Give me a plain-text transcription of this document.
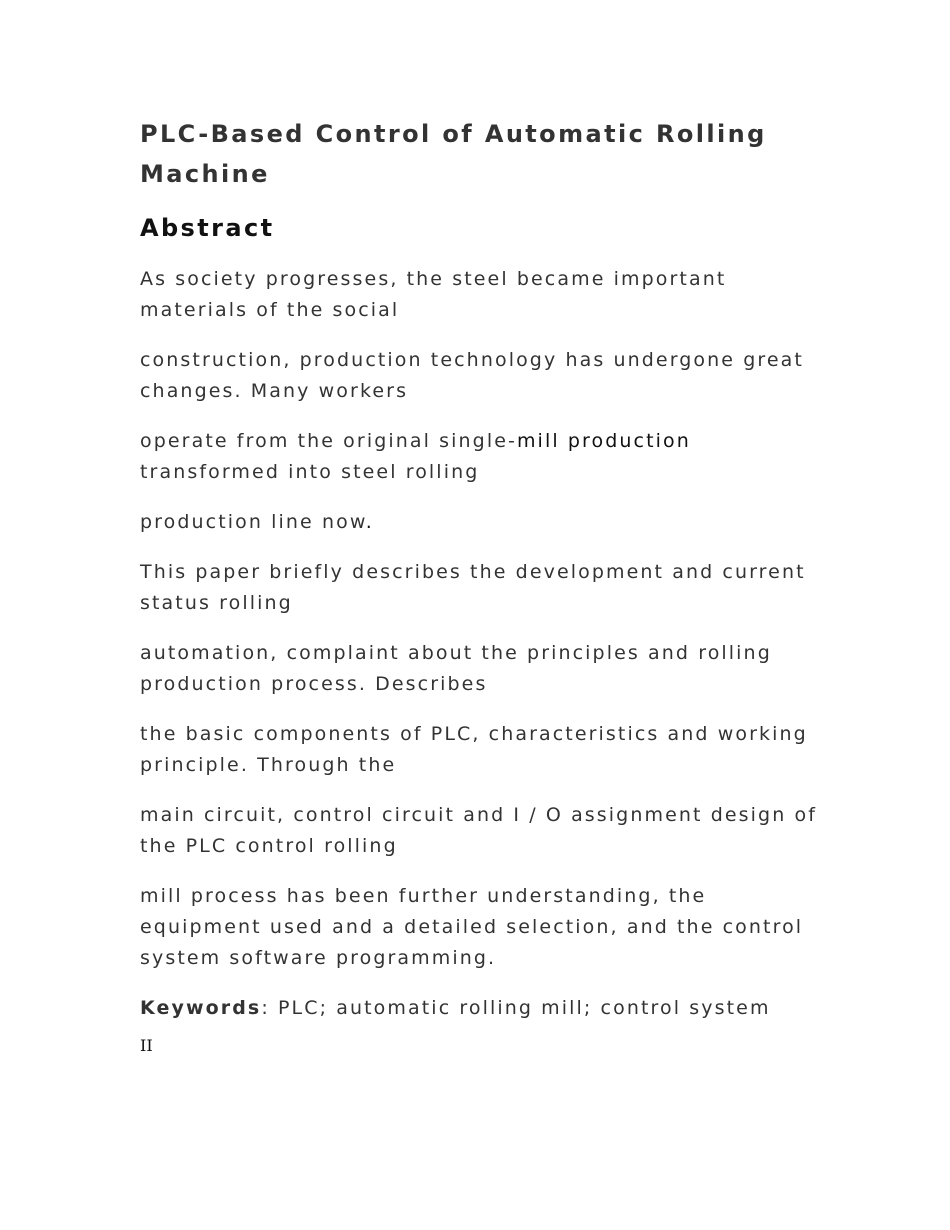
PLC-Based Control of Automatic Rolling Machine
Abstract

As society progresses, the steel became important materials of the social

construction, production technology has undergone great changes. Many workers

operate from the original single-mill production transformed into steel rolling

production line now.

This paper briefly describes the development and current status rolling

automation, complaint about the principles and rolling production process. Describes

the basic components of PLC, characteristics and working principle. Through the

main circuit, control circuit and I / O assignment design of the PLC control rolling

mill process has been further understanding, the equipment used and a detailed selection, and the control system software programming.

Keywords: PLC; automatic rolling mill; control system

II
